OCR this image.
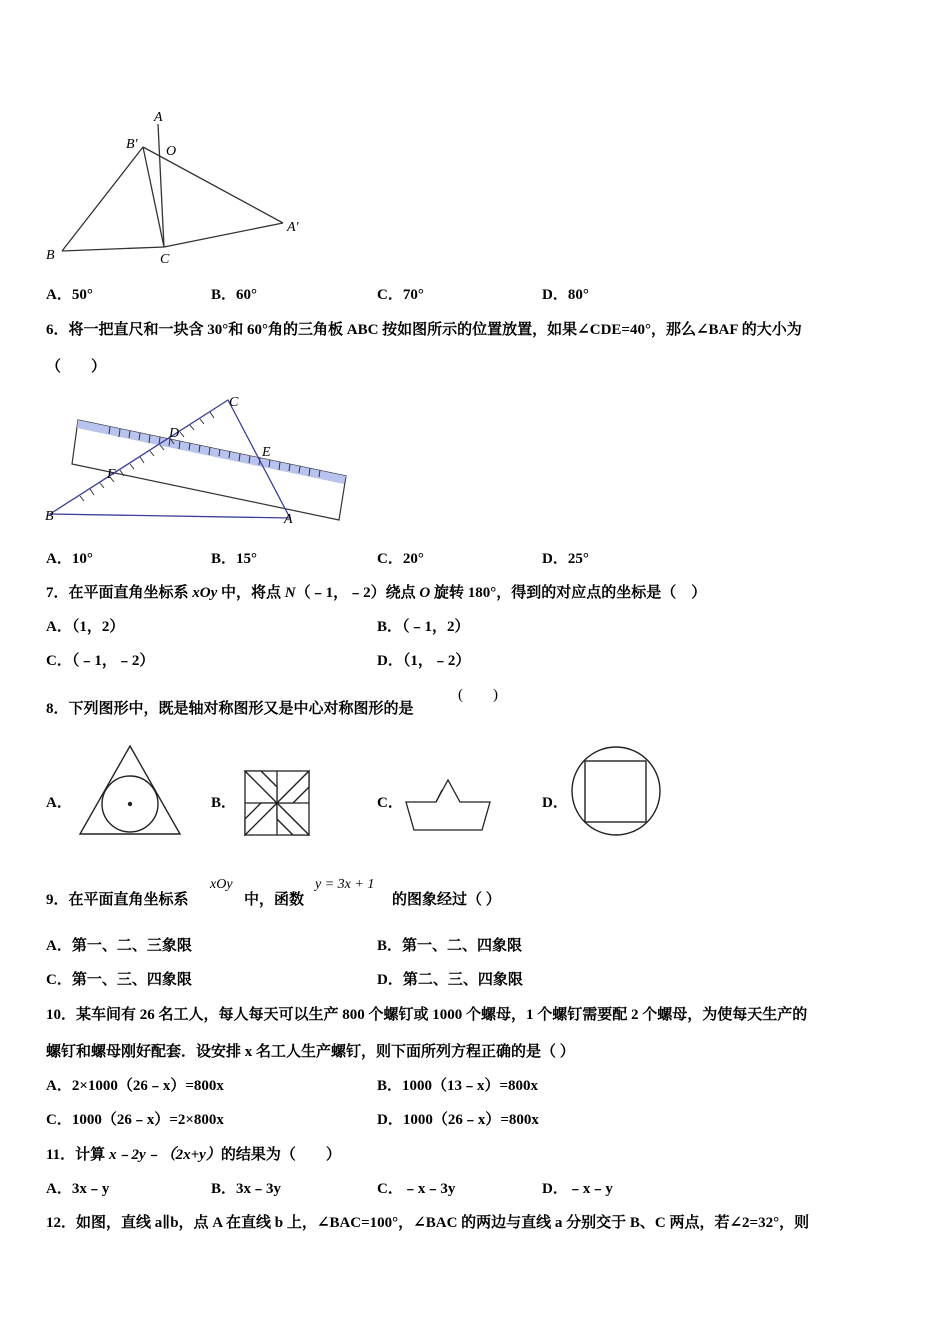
A
B' O
A'
B	C
A．50°	B．60°	C．70°	D．80°
6．将一把直尺和一块含 30°和 60°角的三角板 ABC 按如图所示的位置放置，如果∠CDE=40°，那么∠BAF 的大小为
（　　）
C
D
E
F
B	A
A．10°	B．15°	C．20°	D．25°
7．在平面直角坐标系 xOy 中，将点 N（﹣1，﹣2）绕点 O 旋转 180°，得到的对应点的坐标是（　）
A．（1，2）	B．（﹣1，2）
C．（﹣1，﹣2）	D．（1，﹣2）
8．下列图形中，既是轴对称图形又是中心对称图形的是
(　　)
A．	B．	C．	D．
9．在平面直角坐标系
xOy
中，函数
y = 3x + 1
的图象经过（ ）
A．第一、二、三象限	B．第一、二、四象限
C．第一、三、四象限	D．第二、三、四象限
10．某车间有 26 名工人，每人每天可以生产 800 个螺钉或 1000 个螺母，1 个螺钉需要配 2 个螺母，为使每天生产的
螺钉和螺母刚好配套．设安排 x 名工人生产螺钉，则下面所列方程正确的是（ ）
A．2×1000（26﹣x）=800x	B．1000（13﹣x）=800x
C．1000（26﹣x）=2×800x	D．1000（26﹣x）=800x
11．计算 x﹣2y﹣（2x+y）的结果为（　　）
A．3x﹣y	B．3x﹣3y	C．﹣x﹣3y	D．﹣x﹣y
12．如图，直线 a∥b，点 A 在直线 b 上，∠BAC=100°，∠BAC 的两边与直线 a 分别交于 B、C 两点，若∠2=32°，则
